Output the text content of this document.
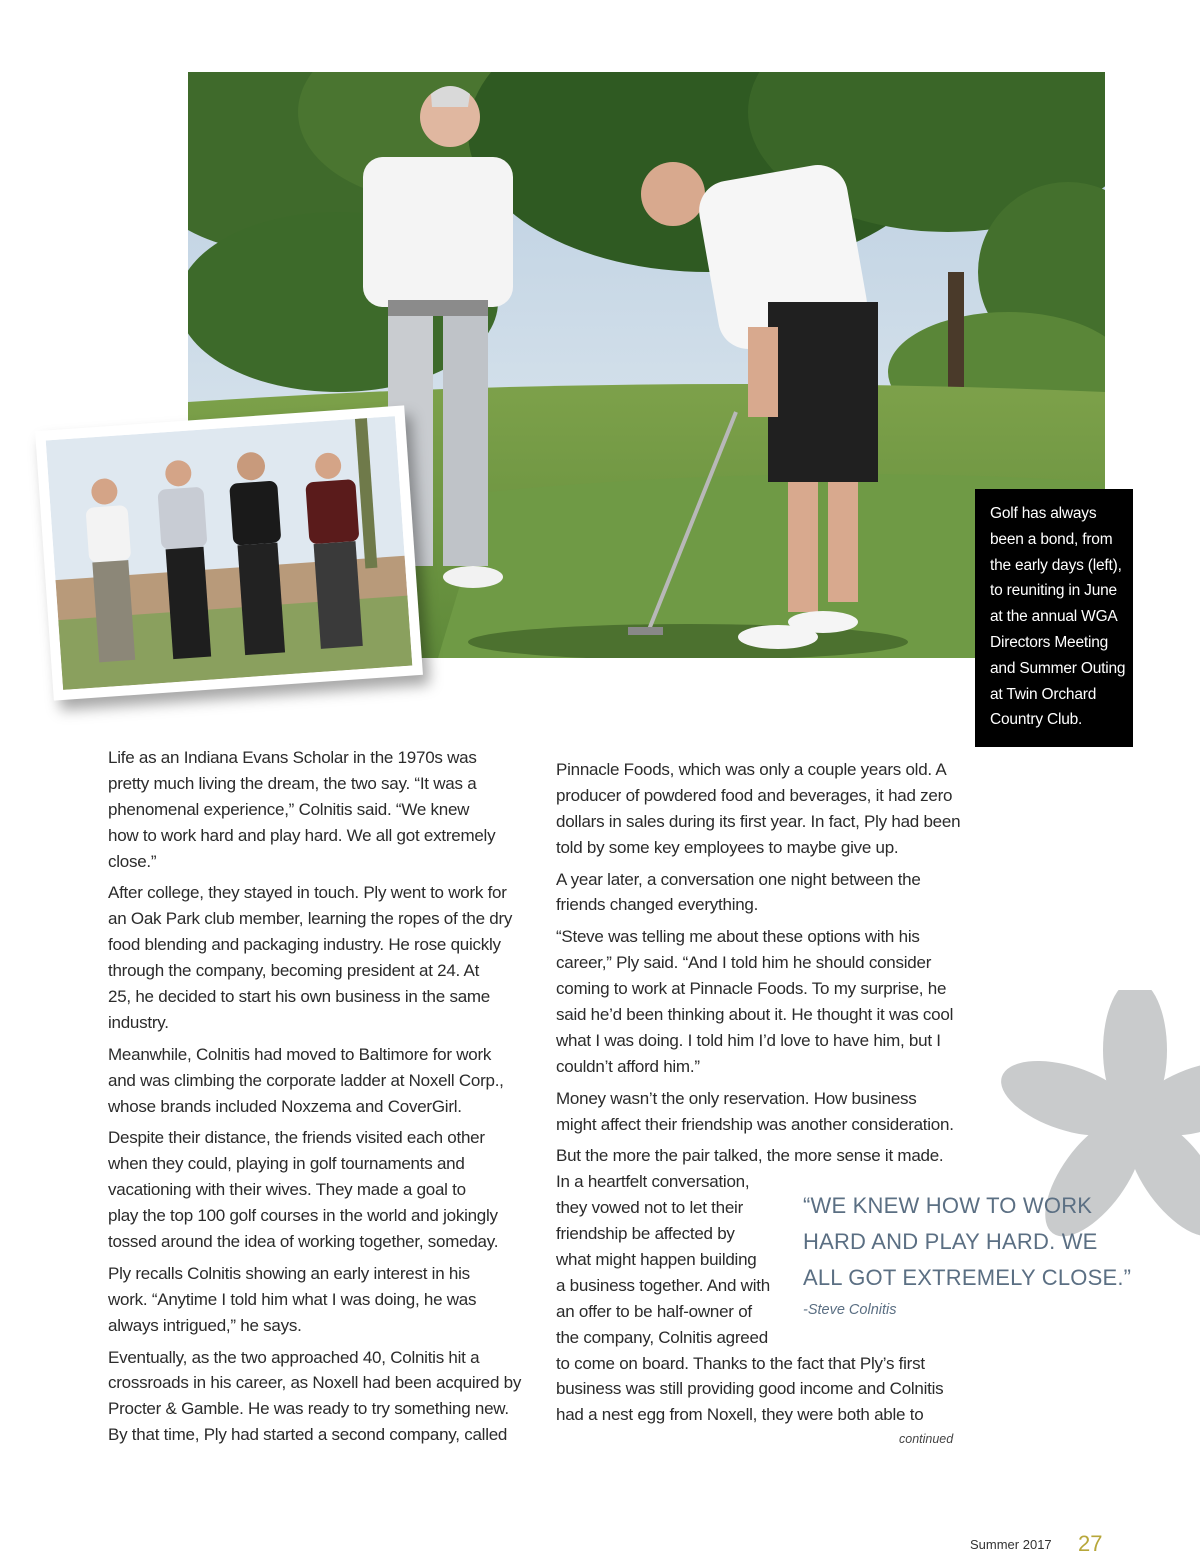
Golf has always
been a bond, from
the early days (left),
to reuniting in June
at the annual WGA
Directors Meeting
and Summer Outing
at Twin Orchard
Country Club.
Life as an Indiana Evans Scholar in the 1970s was
pretty much living the dream, the two say. “It was a
phenomenal experience,” Colnitis said. “We knew
how to work hard and play hard. We all got extremely
close.”
After college, they stayed in touch. Ply went to work for
an Oak Park club member, learning the ropes of the dry
food blending and packaging industry. He rose quickly
through the company, becoming president at 24. At
25, he decided to start his own business in the same
industry.
Meanwhile, Colnitis had moved to Baltimore for work
and was climbing the corporate ladder at Noxell Corp.,
whose brands included Noxzema and CoverGirl.
Despite their distance, the friends visited each other
when they could, playing in golf tournaments and
vacationing with their wives. They made a goal to
play the top 100 golf courses in the world and jokingly
tossed around the idea of working together, someday.
Ply recalls Colnitis showing an early interest in his
work. “Anytime I told him what I was doing, he was
always intrigued,” he says.
Eventually, as the two approached 40, Colnitis hit a
crossroads in his career, as Noxell had been acquired by
Procter & Gamble. He was ready to try something new.
By that time, Ply had started a second company, called
Pinnacle Foods, which was only a couple years old. A
producer of powdered food and beverages, it had zero
dollars in sales during its first year. In fact, Ply had been
told by some key employees to maybe give up.
A year later, a conversation one night between the
friends changed everything.
“Steve was telling me about these options with his
career,” Ply said. “And I told him he should consider
coming to work at Pinnacle Foods. To my surprise, he
said he’d been thinking about it. He thought it was cool
what I was doing. I told him I’d love to have him, but I
couldn’t afford him.”
Money wasn’t the only reservation. How business
might affect their friendship was another consideration.
But the more the pair talked, the more sense it made.
In a heartfelt conversation,
they vowed not to let their
friendship be affected by
what might happen building
a business together. And with
an offer to be half-owner of
the company, Colnitis agreed
to come on board. Thanks to the fact that Ply’s first
business was still providing good income and Colnitis
had a nest egg from Noxell, they were both able to
“WE KNEW HOW TO WORK
HARD AND PLAY HARD. WE
ALL GOT EXTREMELY CLOSE.”
-Steve Colnitis
continued
Summer 2017 27
